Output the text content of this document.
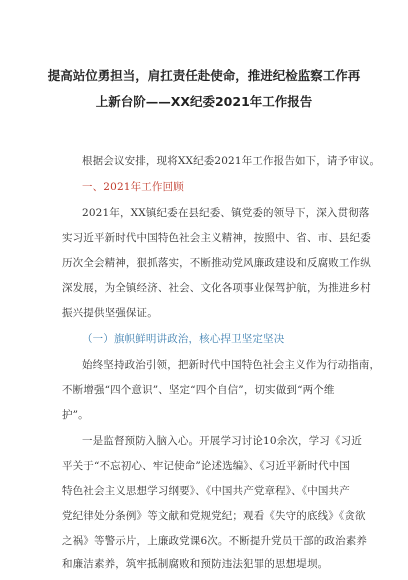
提高站位勇担当，肩扛责任赴使命，推进纪检监察工作再
上新台阶——XX纪委2021年工作报告
根据会议安排，现将XX纪委2021年工作报告如下，请予审议。
一、2021年工作回顾
2021年，XX镇纪委在县纪委、镇党委的领导下，深入贯彻落
实习近平新时代中国特色社会主义精神，按照中、省、市、县纪委
历次全会精神，狠抓落实，不断推动党风廉政建设和反腐败工作纵
深发展，为全镇经济、社会、文化各项事业保驾护航，为推进乡村
振兴提供坚强保证。
（一）旗帜鲜明讲政治，核心捍卫坚定坚决
始终坚持政治引领，把新时代中国特色社会主义作为行动指南，
不断增强“四个意识”、坚定“四个自信”，切实做到“两个维
护”。
一是监督预防入脑入心。开展学习讨论10余次，学习《习近
平关于“不忘初心、牢记使命”论述选编》、《习近平新时代中国
特色社会主义思想学习纲要》、《中国共产党章程》、《中国共产
党纪律处分条例》等文献和党规党纪；观看《失守的底线》《贪欲
之祸》等警示片，上廉政党课6次。不断提升党员干部的政治素养
和廉洁素养，筑牢抵制腐败和预防违法犯罪的思想堤坝。
